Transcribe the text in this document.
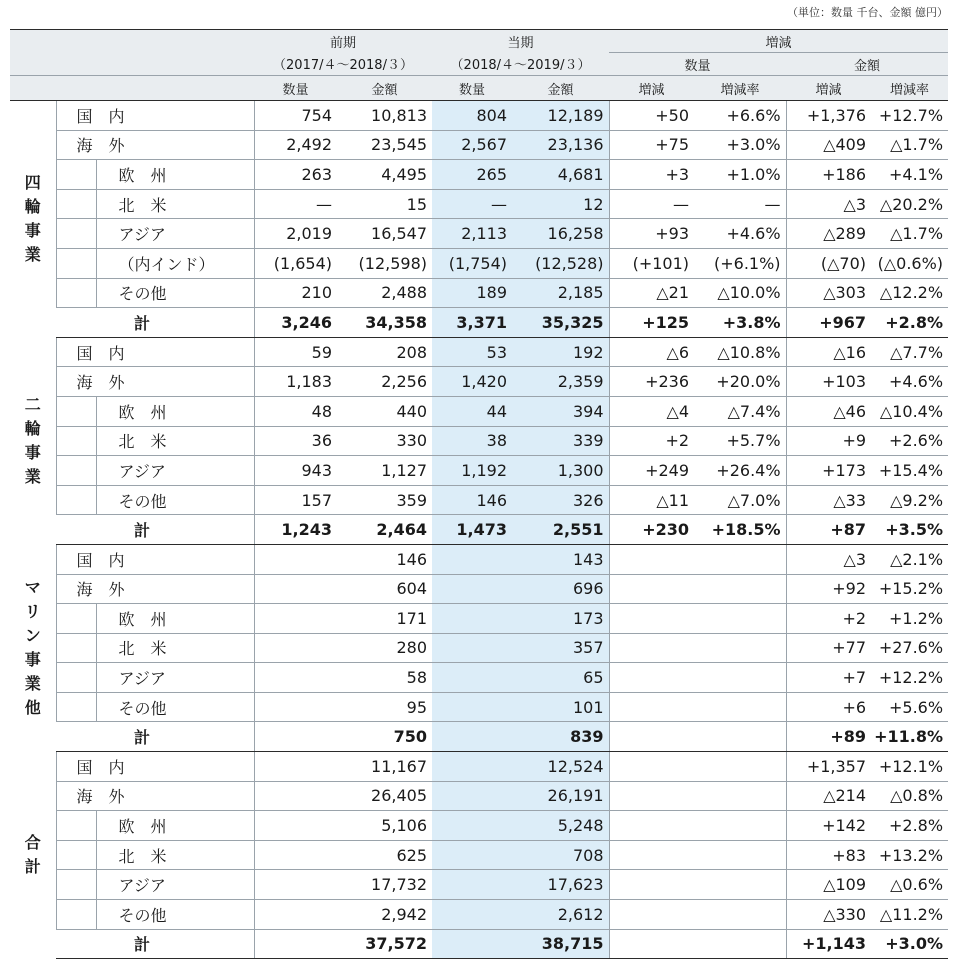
（単位：数量 千台、金額 億円）
			前期		当期		増減			
			（2017/４～2018/３）		（2018/４～2019/３）		数量		金額	
			数量	金額	数量	金額	増減	増減率	増減	増減率
四輪事業	国　内		754	10,813	804	12,189	+50	+6.6%	+1,376	+12.7%
	海　外		2,492	23,545	2,567	23,136	+75	+3.0%	△409	△1.7%
		欧　州	263	4,495	265	4,681	+3	+1.0%	+186	+4.1%
		北　米	—	15	—	12	—	—	△3	△20.2%
		アジア	2,019	16,547	2,113	16,258	+93	+4.6%	△289	△1.7%
		（内インド）	(1,654)	(12,598)	(1,754)	(12,528)	(+101)	(+6.1%)	(△70)	(△0.6%)
		その他	210	2,488	189	2,185	△21	△10.0%	△303	△12.2%
	計		3,246	34,358	3,371	35,325	+125	+3.8%	+967	+2.8%
二輪事業	国　内		59	208	53	192	△6	△10.8%	△16	△7.7%
	海　外		1,183	2,256	1,420	2,359	+236	+20.0%	+103	+4.6%
		欧　州	48	440	44	394	△4	△7.4%	△46	△10.4%
		北　米	36	330	38	339	+2	+5.7%	+9	+2.6%
		アジア	943	1,127	1,192	1,300	+249	+26.4%	+173	+15.4%
		その他	157	359	146	326	△11	△7.0%	△33	△9.2%
	計		1,243	2,464	1,473	2,551	+230	+18.5%	+87	+3.5%
マリン事業他	国　内			146		143			△3	△2.1%
	海　外			604		696			+92	+15.2%
		欧　州		171		173			+2	+1.2%
		北　米		280		357			+77	+27.6%
		アジア		58		65			+7	+12.2%
		その他		95		101			+6	+5.6%
	計			750		839			+89	+11.8%
合計	国　内			11,167		12,524			+1,357	+12.1%
	海　外			26,405		26,191			△214	△0.8%
		欧　州		5,106		5,248			+142	+2.8%
		北　米		625		708			+83	+13.2%
		アジア		17,732		17,623			△109	△0.6%
		その他		2,942		2,612			△330	△11.2%
	計			37,572		38,715			+1,143	+3.0%
